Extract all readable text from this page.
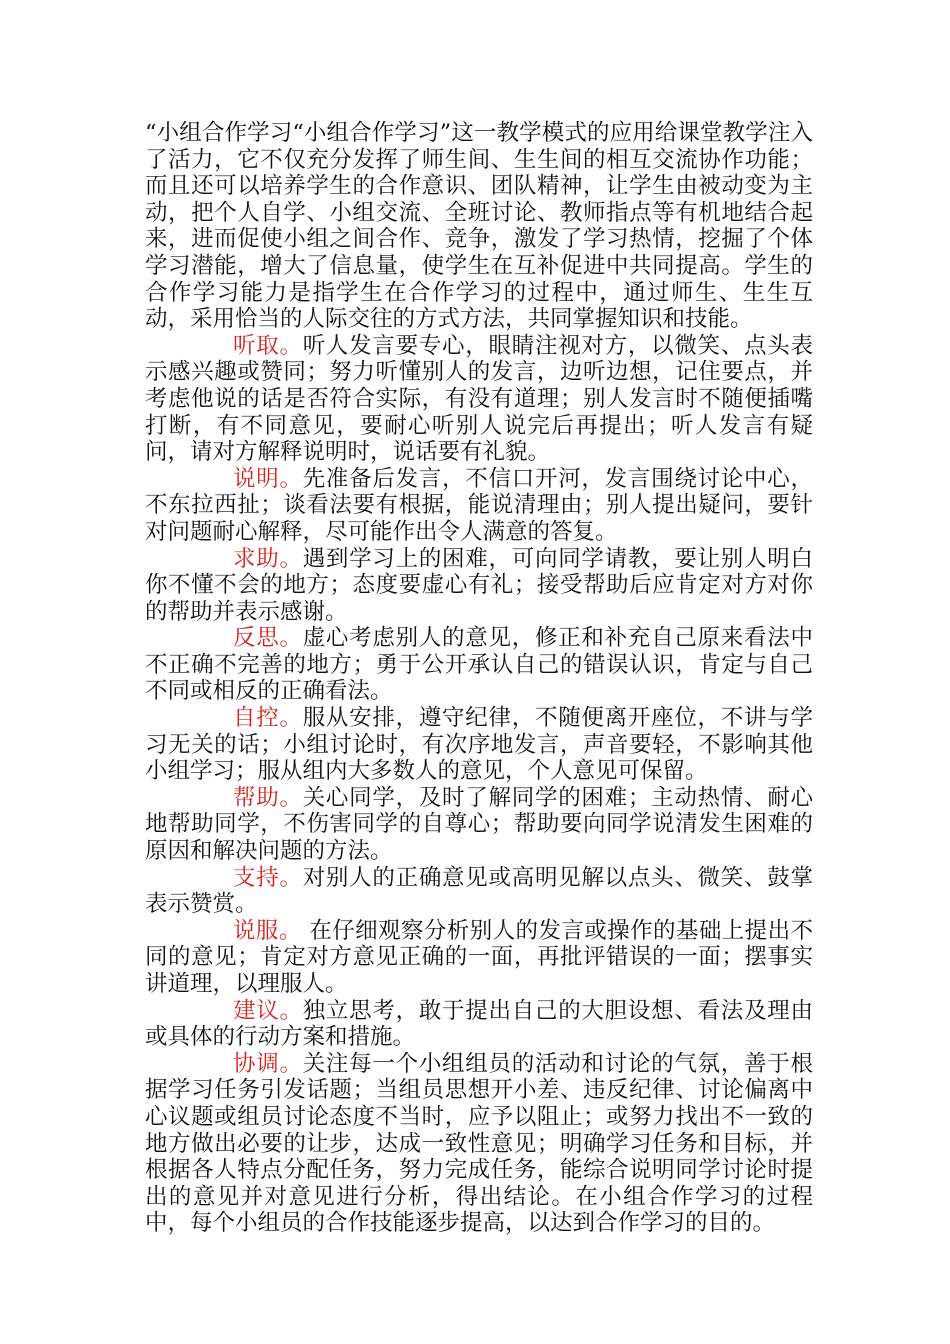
“小组合作学习“小组合作学习”这一教学模式的应用给课堂教学注入了活力，它不仅充分发挥了师生间、生生间的相互交流协作功能；而且还可以培养学生的合作意识、团队精神，让学生由被动变为主动，把个人自学、小组交流、全班讨论、教师指点等有机地结合起来，进而促使小组之间合作、竞争，激发了学习热情，挖掘了个体学习潜能，增大了信息量，使学生在互补促进中共同提高。学生的合作学习能力是指学生在合作学习的过程中，通过师生、生生互动，采用恰当的人际交往的方式方法，共同掌握知识和技能。

听取。听人发言要专心，眼睛注视对方，以微笑、点头表示感兴趣或赞同；努力听懂别人的发言，边听边想，记住要点，并考虑他说的话是否符合实际，有没有道理；别人发言时不随便插嘴打断，有不同意见，要耐心听别人说完后再提出；听人发言有疑问，请对方解释说明时，说话要有礼貌。

说明。先准备后发言，不信口开河，发言围绕讨论中心，不东拉西扯；谈看法要有根据，能说清理由；别人提出疑问，要针对问题耐心解释，尽可能作出令人满意的答复。

求助。遇到学习上的困难，可向同学请教，要让别人明白你不懂不会的地方；态度要虚心有礼；接受帮助后应肯定对方对你的帮助并表示感谢。

反思。虚心考虑别人的意见，修正和补充自己原来看法中不正确不完善的地方；勇于公开承认自己的错误认识，肯定与自己不同或相反的正确看法。

自控。服从安排，遵守纪律，不随便离开座位，不讲与学习无关的话；小组讨论时，有次序地发言，声音要轻，不影响其他小组学习；服从组内大多数人的意见，个人意见可保留。

帮助。关心同学，及时了解同学的困难；主动热情、耐心地帮助同学，不伤害同学的自尊心；帮助要向同学说清发生困难的原因和解决问题的方法。

支持。对别人的正确意见或高明见解以点头、微笑、鼓掌表示赞赏。

说服。 在仔细观察分析别人的发言或操作的基础上提出不同的意见；肯定对方意见正确的一面，再批评错误的一面；摆事实讲道理，以理服人。

建议。独立思考，敢于提出自己的大胆设想、看法及理由或具体的行动方案和措施。

协调。关注每一个小组组员的活动和讨论的气氛，善于根据学习任务引发话题；当组员思想开小差、违反纪律、讨论偏离中心议题或组员讨论态度不当时，应予以阻止；或努力找出不一致的地方做出必要的让步，达成一致性意见；明确学习任务和目标，并根据各人特点分配任务，努力完成任务，能综合说明同学讨论时提出的意见并对意见进行分析，得出结论。在小组合作学习的过程中，每个小组员的合作技能逐步提高，以达到合作学习的目的。
